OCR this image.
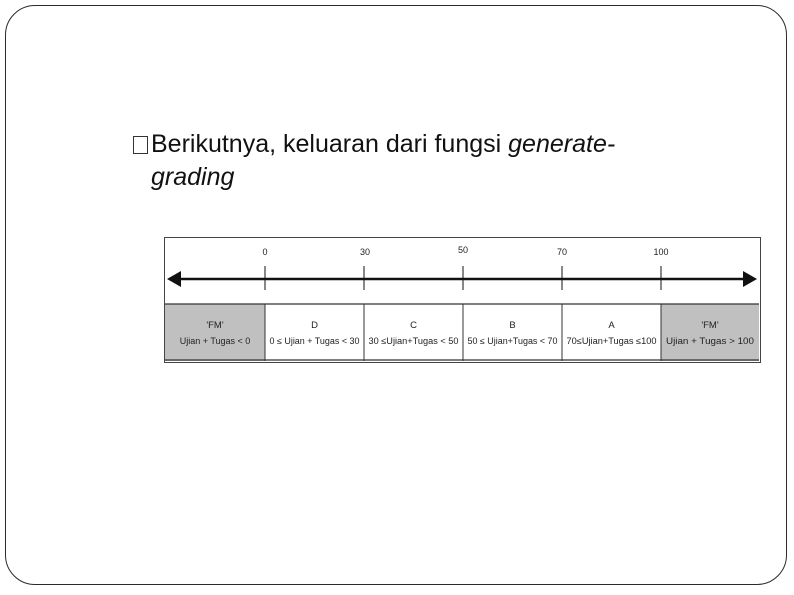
Berikutnya, keluaran dari fungsi generate-
grading
0	30	50	70	100
'FM'
Ujian + Tugas < 0
D
0 ≤ Ujian + Tugas < 30
C
30 ≤Ujian+Tugas < 50
B
50 ≤ Ujian+Tugas < 70
A
70≤Ujian+Tugas ≤100
'FM'
Ujian + Tugas > 100
